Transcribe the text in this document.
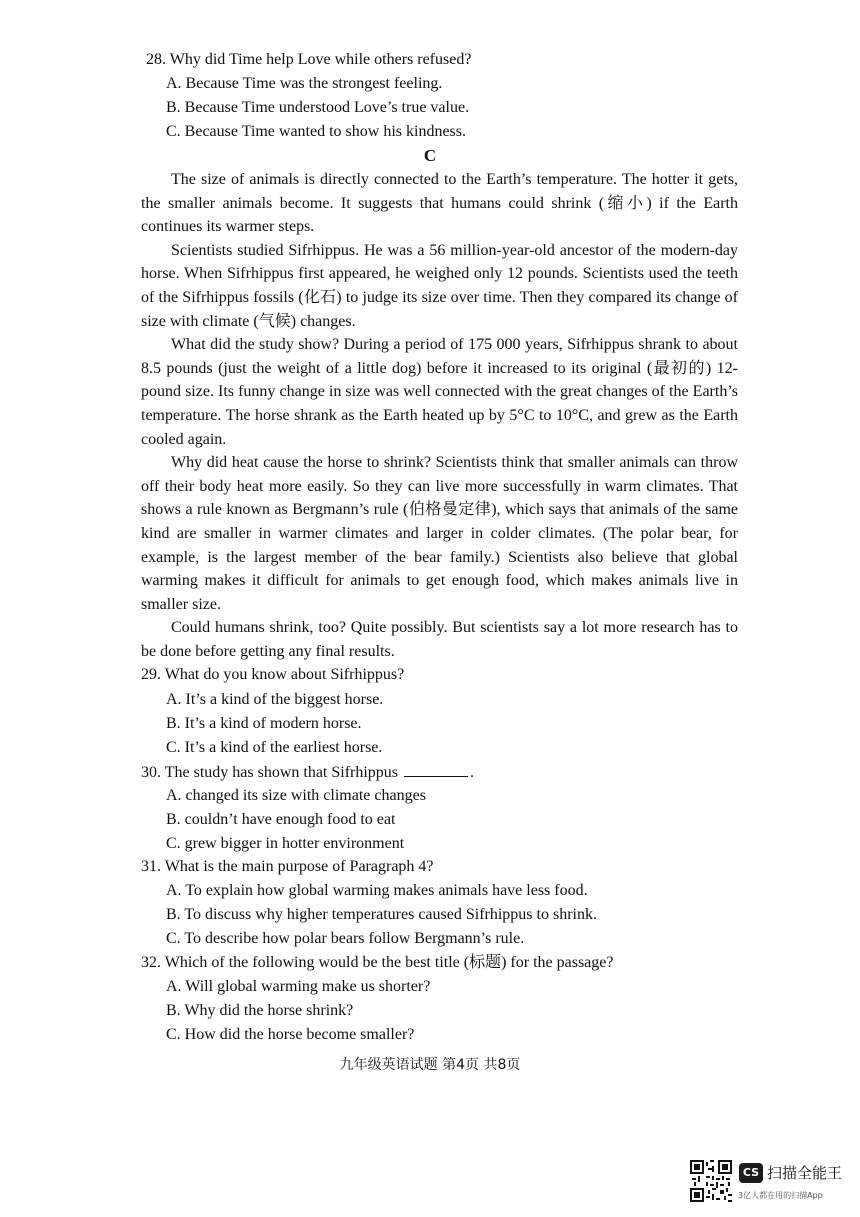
28. Why did Time help Love while others refused?
A. Because Time was the strongest feeling.
B. Because Time understood Love’s true value.
C. Because Time wanted to show his kindness.
C

The size of animals is directly connected to the Earth’s temperature. The hotter it gets, the smaller animals become. It suggests that humans could shrink (缩小) if the Earth continues its warmer steps.

Scientists studied Sifrhippus. He was a 56 million-year-old ancestor of the modern-day horse. When Sifrhippus first appeared, he weighed only 12 pounds. Scientists used the teeth of the Sifrhippus fossils (化石) to judge its size over time. Then they compared its change of size with climate (气候) changes.

What did the study show? During a period of 175 000 years, Sifrhippus shrank to about 8.5 pounds (just the weight of a little dog) before it increased to its original (最初的) 12-pound size. Its funny change in size was well connected with the great changes of the Earth’s temperature. The horse shrank as the Earth heated up by 5°C to 10°C, and grew as the Earth cooled again.

Why did heat cause the horse to shrink? Scientists think that smaller animals can throw off their body heat more easily. So they can live more successfully in warm climates. That shows a rule known as Bergmann’s rule (伯格曼定律), which says that animals of the same kind are smaller in warmer climates and larger in colder climates. (The polar bear, for example, is the largest member of the bear family.) Scientists also believe that global warming makes it difficult for animals to get enough food, which makes animals live in smaller size.

Could humans shrink, too? Quite possibly. But scientists say a lot more research has to be done before getting any final results.

29. What do you know about Sifrhippus?
A. It’s a kind of the biggest horse.
B. It’s a kind of modern horse.
C. It’s a kind of the earliest horse.
30. The study has shown that Sifrhippus	.
A. changed its size with climate changes
B. couldn’t have enough food to eat
C. grew bigger in hotter environment
31. What is the main purpose of Paragraph 4?
A. To explain how global warming makes animals have less food.
B. To discuss why higher temperatures caused Sifrhippus to shrink.
C. To describe how polar bears follow Bergmann’s rule.
32. Which of the following would be the best title (标题) for the passage?
A. Will global warming make us shorter?
B. Why did the horse shrink?
C. How did the horse become smaller?
九年级英语试题 第4页 共8页
CS 扫描全能王
3亿人都在用的扫描App
